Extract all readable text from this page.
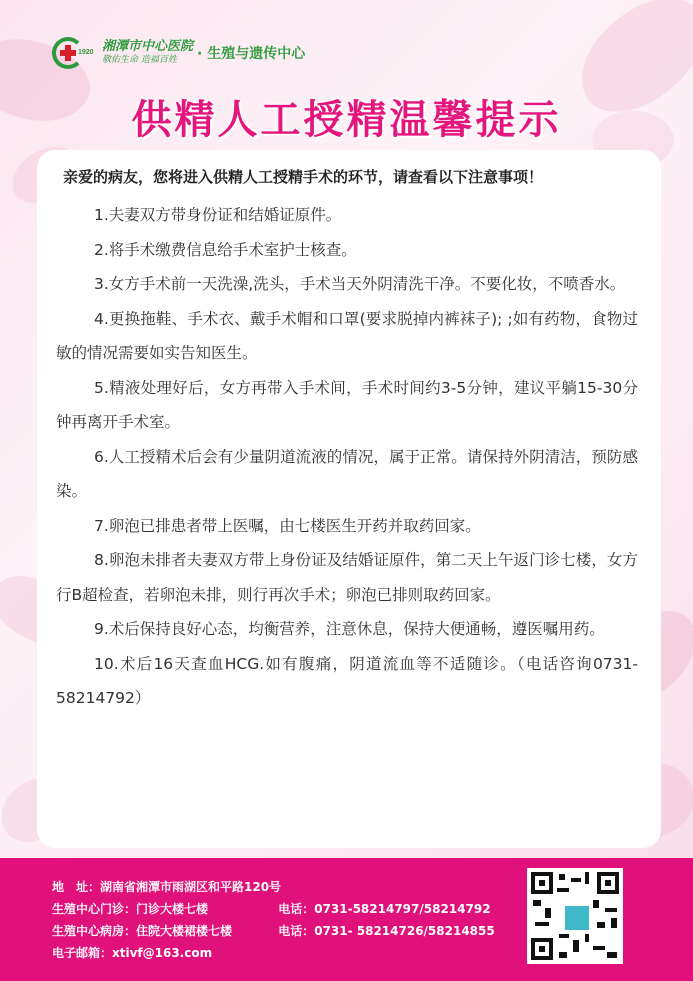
1920 湘潭市中心医院
敬佑生命 造福百姓	· 生殖与遗传中心
供精人工授精温馨提示
亲爱的病友，您将进入供精人工授精手术的环节，请查看以下注意事项！
1.夫妻双方带身份证和结婚证原件。
2.将手术缴费信息给手术室护士核查。
3.女方手术前一天洗澡,洗头，手术当天外阴清洗干净。不要化妆，不喷香水。
4.更换拖鞋、手术衣、戴手术帽和口罩(要求脱掉内裤袜子); ;如有药物，食物过敏的情况需要如实告知医生。
5.精液处理好后，女方再带入手术间，手术时间约3-5分钟，建议平躺15-30分钟再离开手术室。
6.人工授精术后会有少量阴道流液的情况，属于正常。请保持外阴清洁，预防感染。
7.卵泡已排患者带上医嘱，由七楼医生开药并取药回家。
8.卵泡未排者夫妻双方带上身份证及结婚证原件，第二天上午返门诊七楼，女方行B超检查，若卵泡未排，则行再次手术；卵泡已排则取药回家。
9.术后保持良好心态，均衡营养，注意休息，保持大便通畅，遵医嘱用药。
10.术后16天查血HCG.如有腹痛，阴道流血等不适随诊。（电话咨询0731-58214792）
地　址：湖南省湘潭市雨湖区和平路120号
生殖中心门诊：门诊大楼七楼	电话：0731-58214797/58214792
生殖中心病房：住院大楼裙楼七楼	电话：0731- 58214726/58214855
电子邮箱：xtivf@163.com
